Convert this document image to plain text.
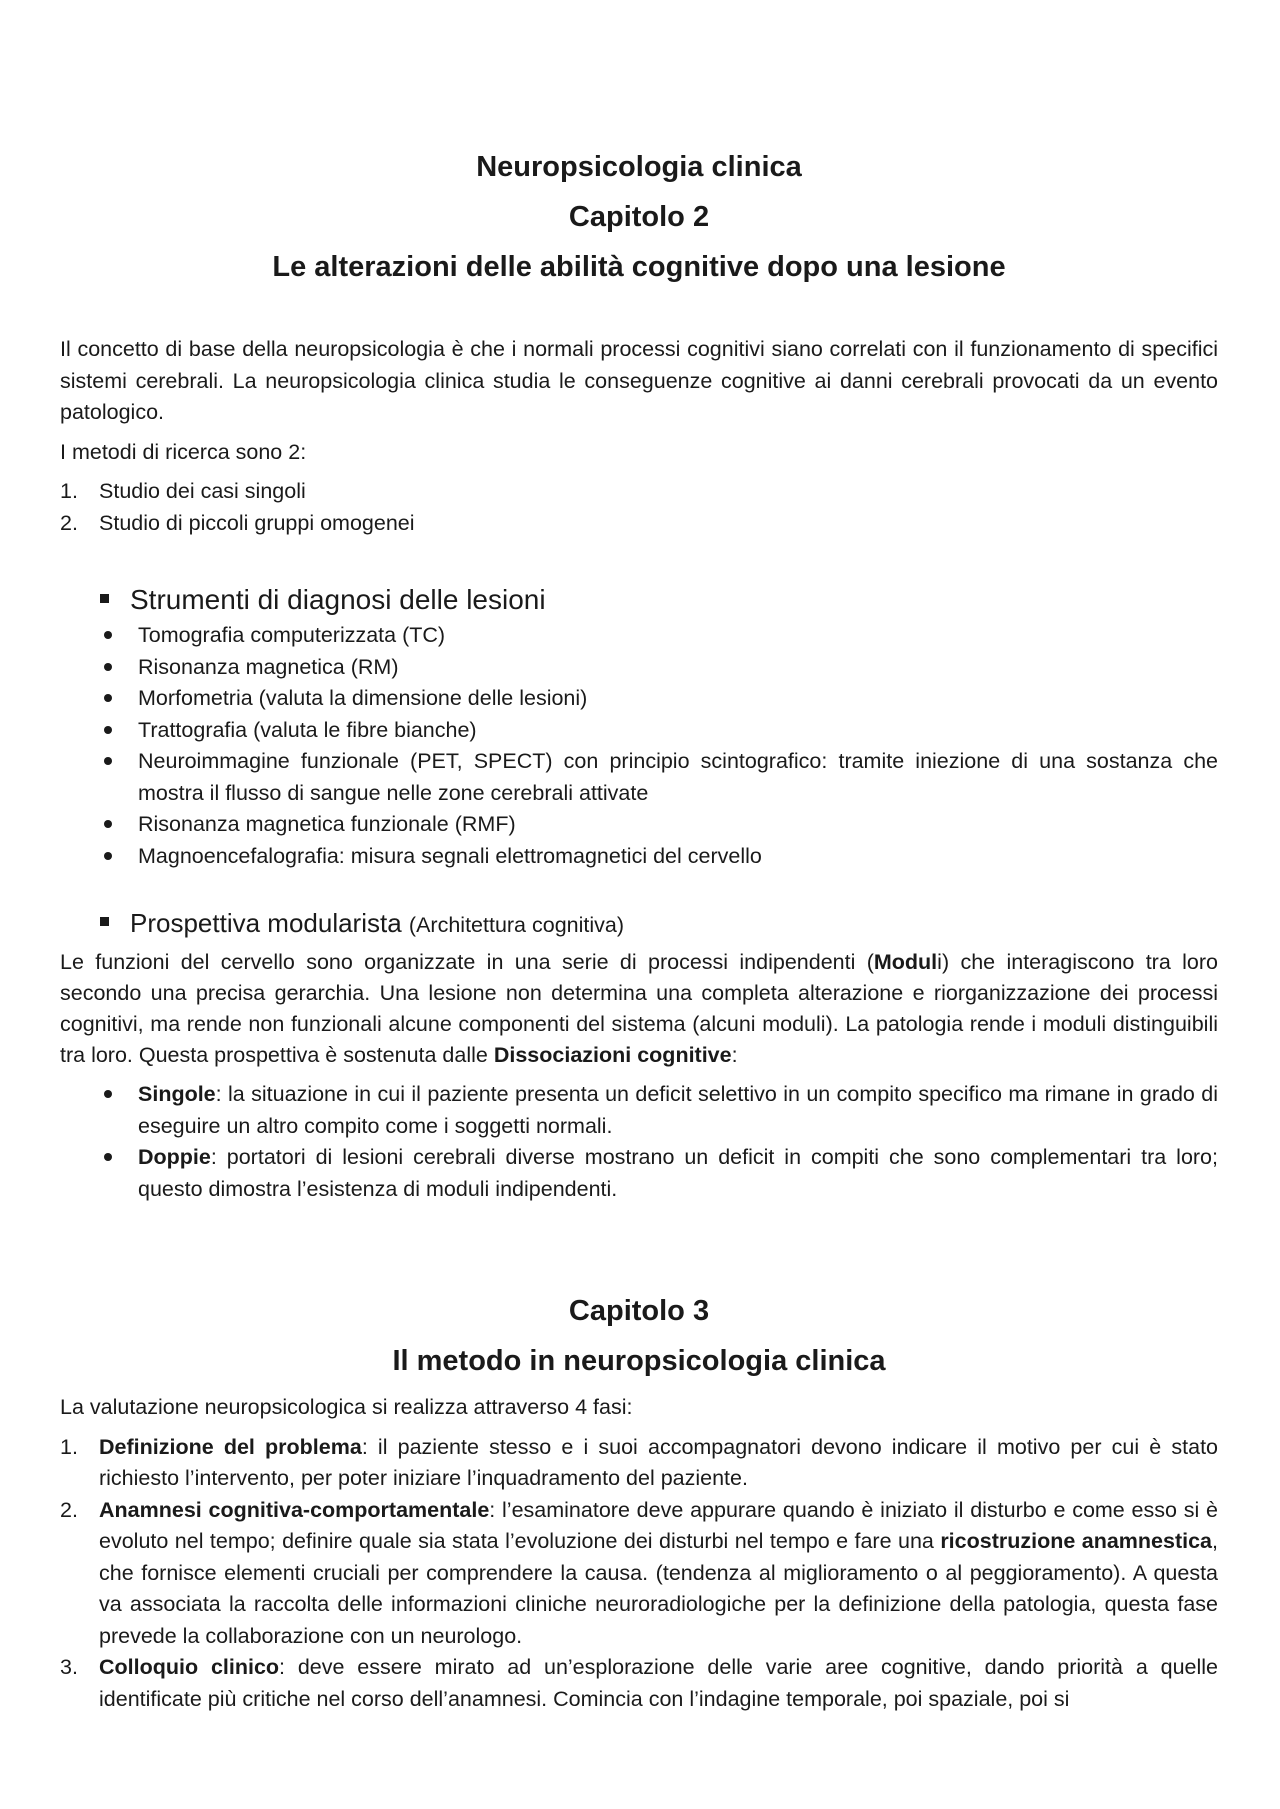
Neuropsicologia clinica
Capitolo 2
Le alterazioni delle abilità cognitive dopo una lesione

Il concetto di base della neuropsicologia è che i normali processi cognitivi siano correlati con il funzionamento di specifici sistemi cerebrali. La neuropsicologia clinica studia le conseguenze cognitive ai danni cerebrali provocati da un evento patologico.

I metodi di ricerca sono 2:

1. Studio dei casi singoli
2. Studio di piccoli gruppi omogenei
Strumenti di diagnosi delle lesioni
Tomografia computerizzata (TC)
Risonanza magnetica (RM)
Morfometria (valuta la dimensione delle lesioni)
Trattografia (valuta le fibre bianche)
Neuroimmagine funzionale (PET, SPECT) con principio scintografico: tramite iniezione di una sostanza che mostra il flusso di sangue nelle zone cerebrali attivate
Risonanza magnetica funzionale (RMF)
Magnoencefalografia: misura segnali elettromagnetici del cervello
Prospettiva modularista (Architettura cognitiva)

Le funzioni del cervello sono organizzate in una serie di processi indipendenti (Moduli) che interagiscono tra loro secondo una precisa gerarchia. Una lesione non determina una completa alterazione e riorganizzazione dei processi cognitivi, ma rende non funzionali alcune componenti del sistema (alcuni moduli). La patologia rende i moduli distinguibili tra loro. Questa prospettiva è sostenuta dalle Dissociazioni cognitive:

Singole: la situazione in cui il paziente presenta un deficit selettivo in un compito specifico ma rimane in grado di eseguire un altro compito come i soggetti normali.
Doppie: portatori di lesioni cerebrali diverse mostrano un deficit in compiti che sono complementari tra loro; questo dimostra l’esistenza di moduli indipendenti.
Capitolo 3
Il metodo in neuropsicologia clinica

La valutazione neuropsicologica si realizza attraverso 4 fasi:

1. Definizione del problema: il paziente stesso e i suoi accompagnatori devono indicare il motivo per cui è stato richiesto l’intervento, per poter iniziare l’inquadramento del paziente.
2. Anamnesi cognitiva-comportamentale: l’esaminatore deve appurare quando è iniziato il disturbo e come esso si è evoluto nel tempo; definire quale sia stata l’evoluzione dei disturbi nel tempo e fare una ricostruzione anamnestica, che fornisce elementi cruciali per comprendere la causa. (tendenza al miglioramento o al peggioramento). A questa va associata la raccolta delle informazioni cliniche neuroradiologiche per la definizione della patologia, questa fase prevede la collaborazione con un neurologo.
3. Colloquio clinico: deve essere mirato ad un’esplorazione delle varie aree cognitive, dando priorità a quelle identificate più critiche nel corso dell’anamnesi. Comincia con l’indagine temporale, poi spaziale, poi si
